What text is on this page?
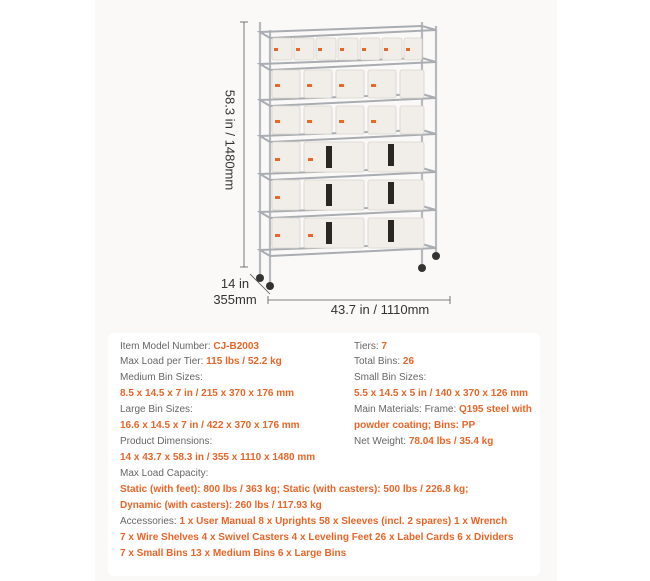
58.3 in / 1480mm
14 in
355mm
43.7 in / 1110mm
Item Model Number: CJ-B2003
Max Load per Tier: 115 lbs / 52.2 kg
Medium Bin Sizes:
8.5 x 14.5 x 7 in / 215 x 370 x 176 mm
Large Bin Sizes:
16.6 x 14.5 x 7 in / 422 x 370 x 176 mm
Product Dimensions:
14 x 43.7 x 58.3 in / 355 x 1110 x 1480 mm
Tiers: 7
Total Bins: 26
Small Bin Sizes:
5.5 x 14.5 x 5 in / 140 x 370 x 126 mm
Main Materials: Frame: Q195 steel with
powder coating; Bins: PP
Net Weight: 78.04 lbs / 35.4 kg
Max Load Capacity:
Static (with feet): 800 lbs / 363 kg; Static (with casters): 500 lbs / 226.8 kg;
Dynamic (with casters): 260 lbs / 117.93 kg
Accessories: 1 x User Manual 8 x Uprights 58 x Sleeves (incl. 2 spares) 1 x Wrench
7 x Wire Shelves 4 x Swivel Casters 4 x Leveling Feet 26 x Label Cards 6 x Dividers
7 x Small Bins 13 x Medium Bins 6 x Large Bins
